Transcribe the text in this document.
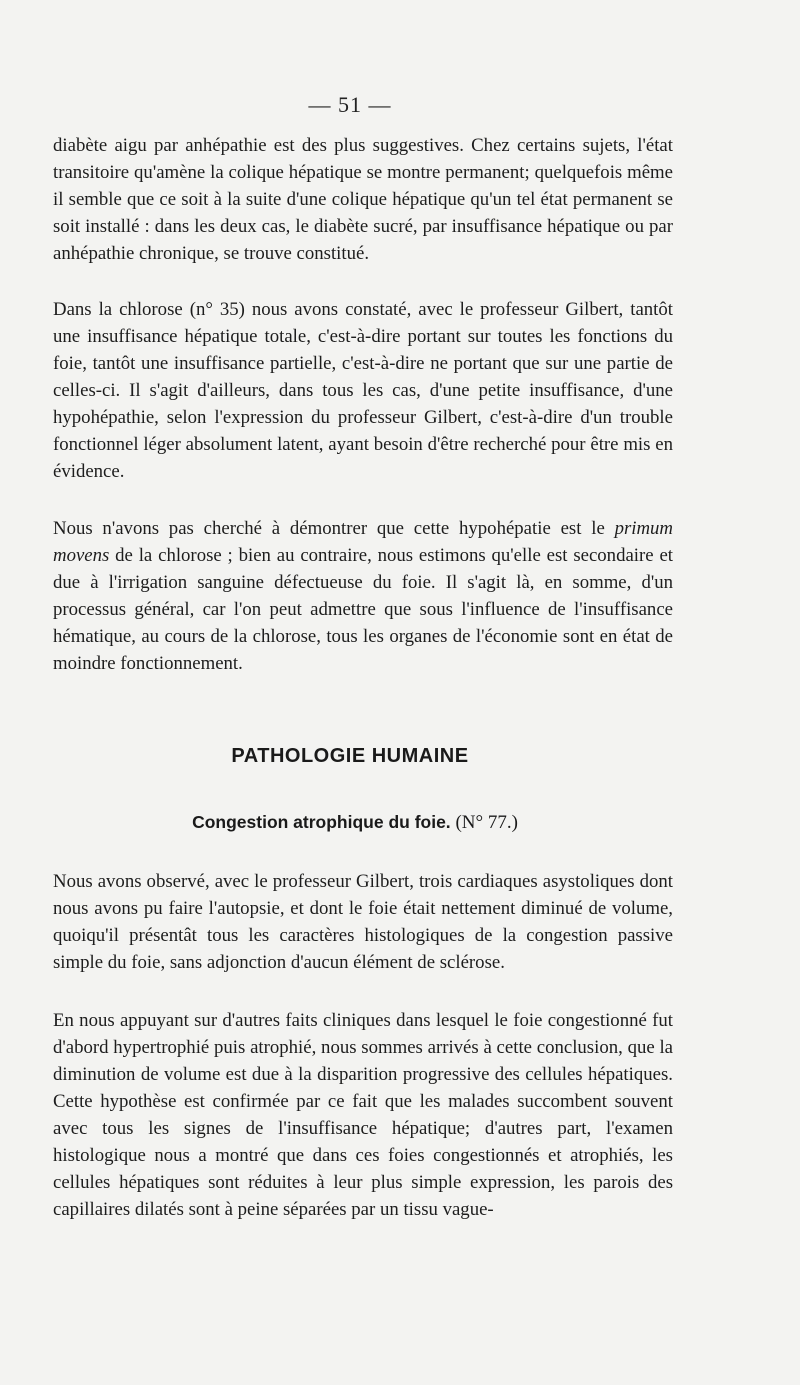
— 51 —

diabète aigu par anhépathie est des plus suggestives. Chez certains sujets, l'état transitoire qu'amène la colique hépatique se montre permanent; quelquefois même il semble que ce soit à la suite d'une colique hépatique qu'un tel état permanent se soit installé : dans les deux cas, le diabète sucré, par insuffisance hépatique ou par anhépathie chronique, se trouve constitué.

Dans la chlorose (n° 35) nous avons constaté, avec le professeur Gilbert, tantôt une insuffisance hépatique totale, c'est-à-dire portant sur toutes les fonctions du foie, tantôt une insuffisance partielle, c'est-à-dire ne portant que sur une partie de celles-ci. Il s'agit d'ailleurs, dans tous les cas, d'une petite insuffisance, d'une hypohépathie, selon l'expression du professeur Gilbert, c'est-à-dire d'un trouble fonctionnel léger absolument latent, ayant besoin d'être recherché pour être mis en évidence.

Nous n'avons pas cherché à démontrer que cette hypohépatie est le primum movens de la chlorose ; bien au contraire, nous estimons qu'elle est secondaire et due à l'irrigation sanguine défectueuse du foie. Il s'agit là, en somme, d'un processus général, car l'on peut admettre que sous l'influence de l'insuffisance hématique, au cours de la chlorose, tous les organes de l'économie sont en état de moindre fonctionnement.

PATHOLOGIE HUMAINE
Congestion atrophique du foie. (N° 77.)

Nous avons observé, avec le professeur Gilbert, trois cardiaques asystoliques dont nous avons pu faire l'autopsie, et dont le foie était nettement diminué de volume, quoiqu'il présentât tous les caractères histologiques de la congestion passive simple du foie, sans adjonction d'aucun élément de sclérose.

En nous appuyant sur d'autres faits cliniques dans lesquel le foie congestionné fut d'abord hypertrophié puis atrophié, nous sommes arrivés à cette conclusion, que la diminution de volume est due à la disparition progressive des cellules hépatiques. Cette hypothèse est confirmée par ce fait que les malades succombent souvent avec tous les signes de l'insuffisance hépatique; d'autres part, l'examen histologique nous a montré que dans ces foies congestionnés et atrophiés, les cellules hépatiques sont réduites à leur plus simple expression, les parois des capillaires dilatés sont à peine séparées par un tissu vague-
